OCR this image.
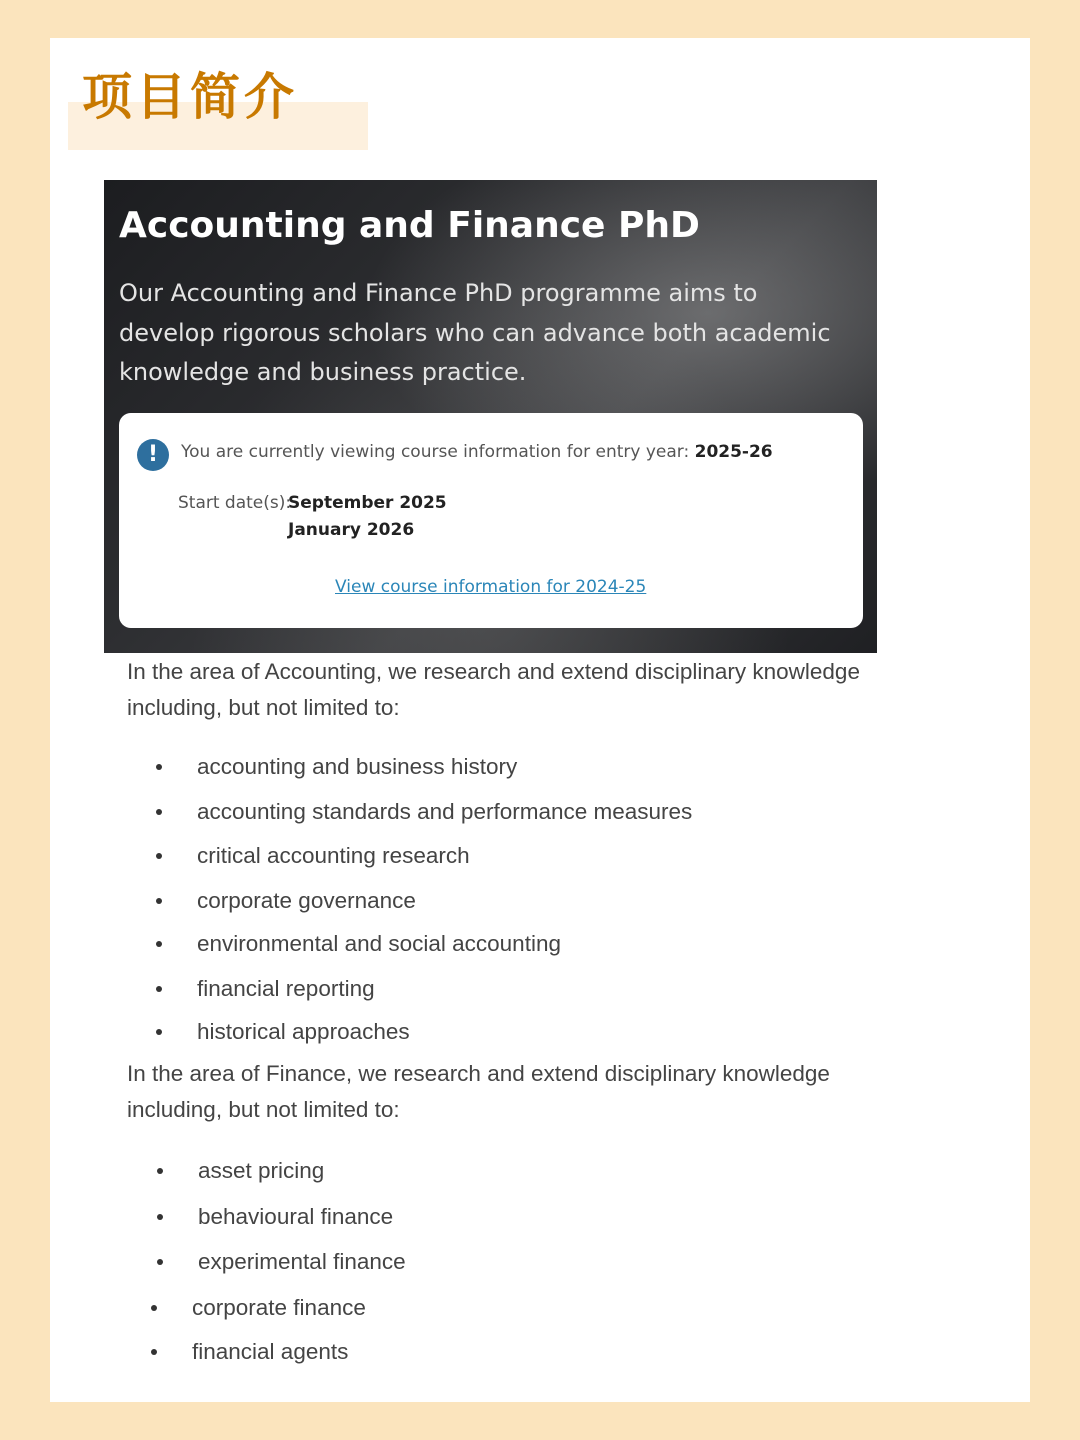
项目简介
Accounting and Finance PhD

Our Accounting and Finance PhD programme aims to develop rigorous scholars who can advance both academic knowledge and business practice.

!	You are currently viewing course information for entry year: 2025-26
Start date(s):
September 2025
January 2026
View course information for 2024-25

In the area of Accounting, we research and extend disciplinary knowledge including, but not limited to:

accounting and business history
accounting standards and performance measures
critical accounting research
corporate governance
environmental and social accounting
financial reporting
historical approaches

In the area of Finance, we research and extend disciplinary knowledge including, but not limited to:

asset pricing
behavioural finance
experimental finance
corporate finance
financial agents
